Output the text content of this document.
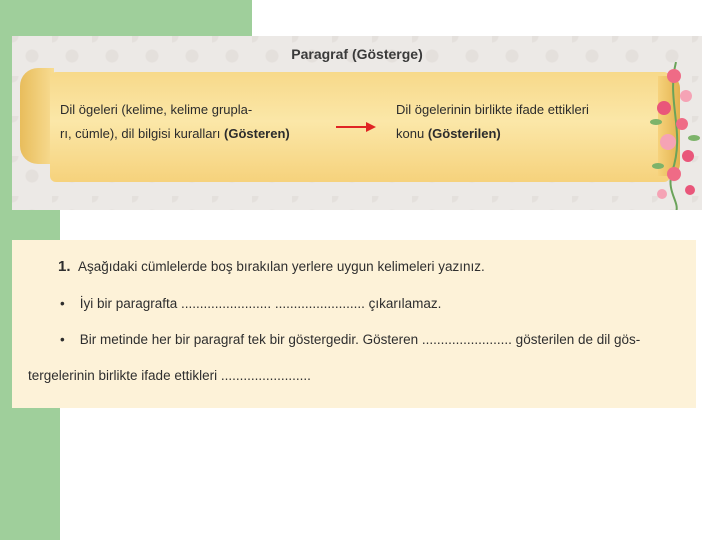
Paragraf (Gösterge)
Dil ögeleri (kelime, kelime grupla-
rı, cümle), dil bilgisi kuralları (Gösteren)
Dil ögelerinin birlikte ifade ettikleri
konu (Gösterilen)
1. Aşağıdaki cümlelerde boş bırakılan yerlere uygun kelimeleri yazınız.
• İyi bir paragrafta ........................ ........................ çıkarılamaz.
• Bir metinde her bir paragraf tek bir göstergedir. Gösteren ........................ gösterilen de dil gös-
tergelerinin birlikte ifade ettikleri ........................
